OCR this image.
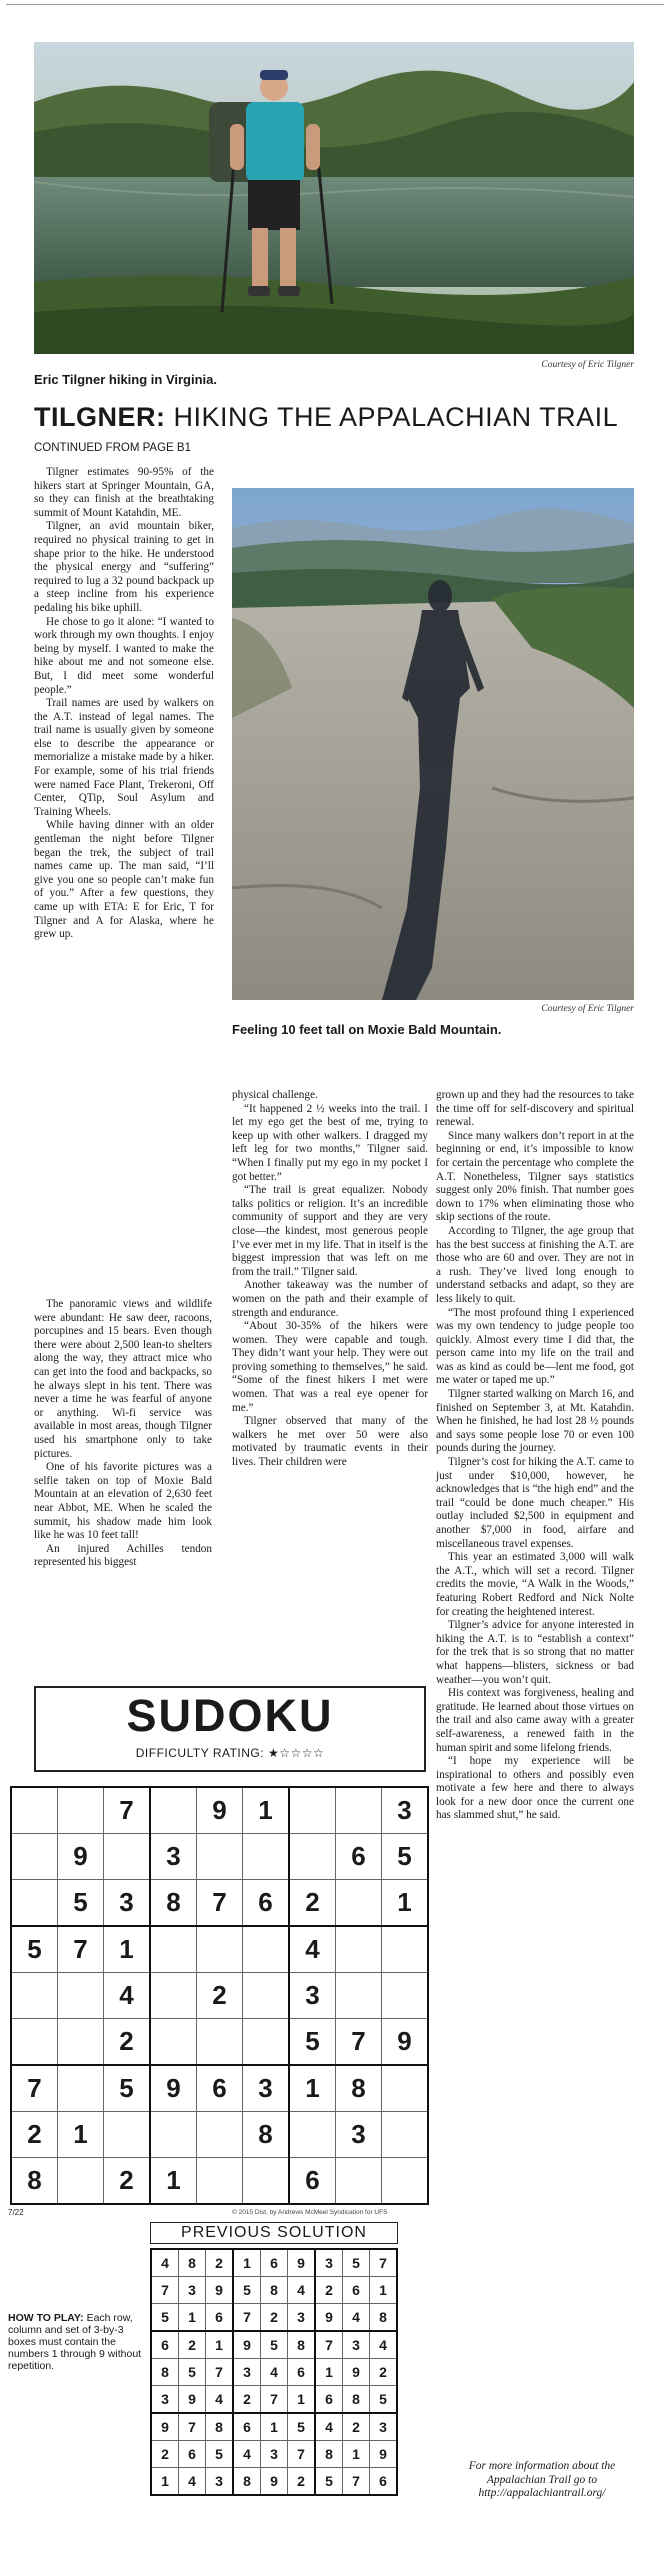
Courtesy of Eric Tilgner
Eric Tilgner hiking in Virginia.
TILGNER: HIKING THE APPALACHIAN TRAIL
CONTINUED FROM PAGE B1

Tilgner estimates 90-95% of the hikers start at Springer Mountain, GA, so they can finish at the breathtaking summit of Mount Katahdin, ME.

Tilgner, an avid mountain biker, required no physical training to get in shape prior to the hike. He understood the physical energy and “suffering” required to lug a 32 pound backpack up a steep incline from his experience pedaling his bike uphill.

He chose to go it alone: “I wanted to work through my own thoughts. I enjoy being by myself. I wanted to make the hike about me and not someone else. But, I did meet some wonderful people.”

Trail names are used by walkers on the A.T. instead of legal names. The trail name is usually given by someone else to describe the appearance or memorialize a mistake made by a hiker. For example, some of his trial friends were named Face Plant, Trekeroni, Off Center, QTip, Soul Asylum and Training Wheels.

While having dinner with an older gentleman the night before Tilgner began the trek, the subject of trail names came up. The man said, “I’ll give you one so people can’t make fun of you.” After a few questions, they came up with ETA: E for Eric, T for Tilgner and A for Alaska, where he grew up.

Courtesy of Eric Tilgner
Feeling 10 feet tall on Moxie Bald Mountain.

The panoramic views and wildlife were abundant: He saw deer, racoons, porcupines and 15 bears. Even though there were about 2,500 lean-to shelters along the way, they attract mice who can get into the food and backpacks, so he always slept in his tent. There was never a time he was fearful of anyone or anything. Wi-fi service was available in most areas, though Tilgner used his smartphone only to take pictures.

One of his favorite pictures was a selfie taken on top of Moxie Bald Mountain at an elevation of 2,630 feet near Abbot, ME. When he scaled the summit, his shadow made him look like he was 10 feet tall!

An injured Achilles tendon represented his biggest

physical challenge.

“It happened 2 ½ weeks into the trail. I let my ego get the best of me, trying to keep up with other walkers. I dragged my left leg for two months,” Tilgner said. “When I finally put my ego in my pocket I got better.”

“The trail is great equalizer. Nobody talks politics or religion. It’s an incredible community of support and they are very close—the kindest, most generous people I’ve ever met in my life. That in itself is the biggest impression that was left on me from the trail.” Tilgner said.

Another takeaway was the number of women on the path and their example of strength and endurance.

“About 30-35% of the hikers were women. They were capable and tough. They didn’t want your help. They were out proving something to themselves,” he said. “Some of the finest hikers I met were women. That was a real eye opener for me.”

Tilgner observed that many of the walkers he met over 50 were also motivated by traumatic events in their lives. Their children were

grown up and they had the resources to take the time off for self-discovery and spiritual renewal.

Since many walkers don’t report in at the beginning or end, it’s impossible to know for certain the percentage who complete the A.T. Nonetheless, Tilgner says statistics suggest only 20% finish. That number goes down to 17% when eliminating those who skip sections of the route.

According to Tilgner, the age group that has the best success at finishing the A.T. are those who are 60 and over. They are not in a rush. They’ve lived long enough to understand setbacks and adapt, so they are less likely to quit.

“The most profound thing I experienced was my own tendency to judge people too quickly. Almost every time I did that, the person came into my life on the trail and was as kind as could be—lent me food, got me water or taped me up.”

Tilgner started walking on March 16, and finished on September 3, at Mt. Katahdin. When he finished, he had lost 28 ½ pounds and says some people lose 70 or even 100 pounds during the journey.

Tilgner’s cost for hiking the A.T. came to just under $10,000, however, he acknowledges that is “the high end” and the trail “could be done much cheaper.” His outlay included $2,500 in equipment and another $7,000 in food, airfare and miscellaneous travel expenses.

This year an estimated 3,000 will walk the A.T., which will set a record. Tilgner credits the movie, “A Walk in the Woods,” featuring Robert Redford and Nick Nolte for creating the heightened interest.

Tilgner’s advice for anyone interested in hiking the A.T. is to “establish a context” for the trek that is so strong that no matter what happens—blisters, sickness or bad weather—you won’t quit.

His context was forgiveness, healing and gratitude. He learned about those virtues on the trail and also came away with a greater self-awareness, a renewed faith in the human spirit and some lifelong friends.

“I hope my experience will be inspirational to others and possibly even motivate a few here and there to always look for a new door once the current one has slammed shut,” he said.

For more information about the Appalachian Trail go to http://appalachiantrail.org/
SUDOKU
DIFFICULTY RATING: ★☆☆☆☆
		7		9	1			3
	9		3				6	5
	5	3	8	7	6	2		1
5	7	1				4		
		4		2		3		
		2				5	7	9
7		5	9	6	3	1	8	
2	1				8		3	
8		2	1			6		
7/22	© 2015 Dist. by Andrews McMeel Syndication for UFS
PREVIOUS SOLUTION
4	8	2	1	6	9	3	5	7
7	3	9	5	8	4	2	6	1
5	1	6	7	2	3	9	4	8
6	2	1	9	5	8	7	3	4
8	5	7	3	4	6	1	9	2
3	9	4	2	7	1	6	8	5
9	7	8	6	1	5	4	2	3
2	6	5	4	3	7	8	1	9
1	4	3	8	9	2	5	7	6
HOW TO PLAY: Each row, column and set of 3-by-3 boxes must contain the numbers 1 through 9 without repetition.
